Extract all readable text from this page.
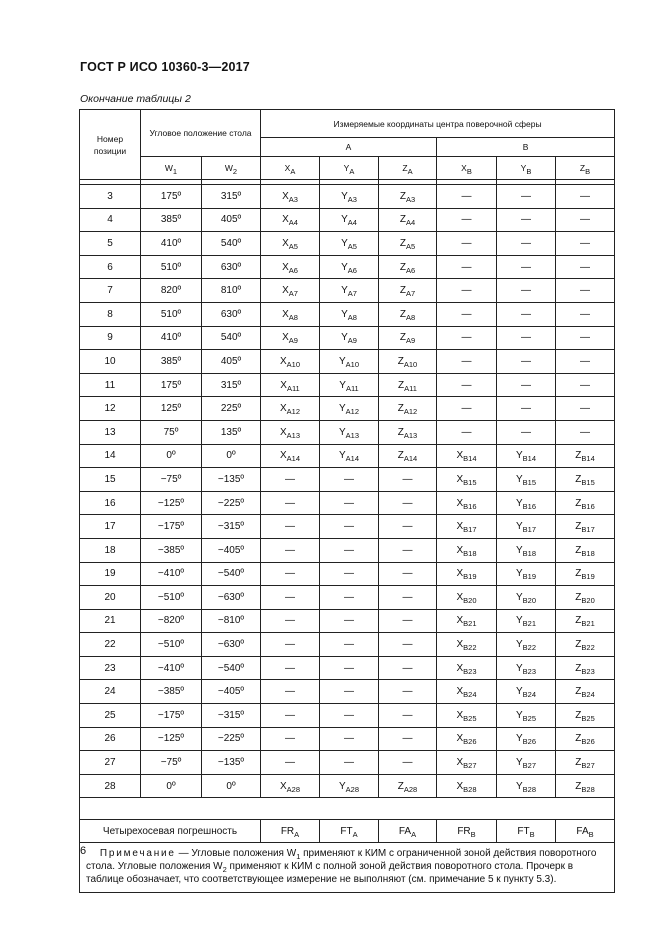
ГОСТ Р ИСО 10360-3—2017
Окончание таблицы 2
Номер позиции	Угловое положение стола		Измеряемые координаты центра поверочной сферы					
			А			В		
	$W_1$	$W_2$	$X_A$	$Y_A$	$Z_A$	$X_B$	$Y_B$	$Z_B$

3	175º	315º	$X_{A3}$	$Y_{A3}$	$Z_{A3}$	—	—	—
4	385º	405º	$X_{A4}$	$Y_{A4}$	$Z_{A4}$	—	—	—
5	410º	540º	$X_{A5}$	$Y_{A5}$	$Z_{A5}$	—	—	—
6	510º	630º	$X_{A6}$	$Y_{A6}$	$Z_{A6}$	—	—	—
7	820º	810º	$X_{A7}$	$Y_{A7}$	$Z_{A7}$	—	—	—
8	510º	630º	$X_{A8}$	$Y_{A8}$	$Z_{A8}$	—	—	—
9	410º	540º	$X_{A9}$	$Y_{A9}$	$Z_{A9}$	—	—	—
10	385º	405º	$X_{A10}$	$Y_{A10}$	$Z_{A10}$	—	—	—
11	175º	315º	$X_{A11}$	$Y_{A11}$	$Z_{A11}$	—	—	—
12	125º	225º	$X_{A12}$	$Y_{A12}$	$Z_{A12}$	—	—	—
13	75º	135º	$X_{A13}$	$Y_{A13}$	$Z_{A13}$	—	—	—
14	0º	0º	$X_{A14}$	$Y_{A14}$	$Z_{A14}$	$X_{B14}$	$Y_{B14}$	$Z_{B14}$
15	−75º	−135º	—	—	—	$X_{B15}$	$Y_{B15}$	$Z_{B15}$
16	−125º	−225º	—	—	—	$X_{B16}$	$Y_{B16}$	$Z_{B16}$
17	−175º	−315º	—	—	—	$X_{B17}$	$Y_{B17}$	$Z_{B17}$
18	−385º	−405º	—	—	—	$X_{B18}$	$Y_{B18}$	$Z_{B18}$
19	−410º	−540º	—	—	—	$X_{B19}$	$Y_{B19}$	$Z_{B19}$
20	−510º	−630º	—	—	—	$X_{B20}$	$Y_{B20}$	$Z_{B20}$
21	−820º	−810º	—	—	—	$X_{B21}$	$Y_{B21}$	$Z_{B21}$
22	−510º	−630º	—	—	—	$X_{B22}$	$Y_{B22}$	$Z_{B22}$
23	−410º	−540º	—	—	—	$X_{B23}$	$Y_{B23}$	$Z_{B23}$
24	−385º	−405º	—	—	—	$X_{B24}$	$Y_{B24}$	$Z_{B24}$
25	−175º	−315º	—	—	—	$X_{B25}$	$Y_{B25}$	$Z_{B25}$
26	−125º	−225º	—	—	—	$X_{B26}$	$Y_{B26}$	$Z_{B26}$
27	−75º	−135º	—	—	—	$X_{B27}$	$Y_{B27}$	$Z_{B27}$
28	0º	0º	$X_{A28}$	$Y_{A28}$	$Z_{A28}$	$X_{B28}$	$Y_{B28}$	$Z_{B28}$

Четырехосевая погрешность			$FR_A$	$FT_A$	$FA_A$	$FR_B$	$FT_B$	$FA_B$
Примечание — Угловые положения $W_1$ применяют к КИМ с ограниченной зоной действия поворотного стола. Угловые положения $W_2$ применяют к КИМ с полной зоной действия поворотного стола. Прочерк в таблице обозначает, что соответствующее измерение не выполняют (см. примечание 5 к пункту 5.3).								
6
